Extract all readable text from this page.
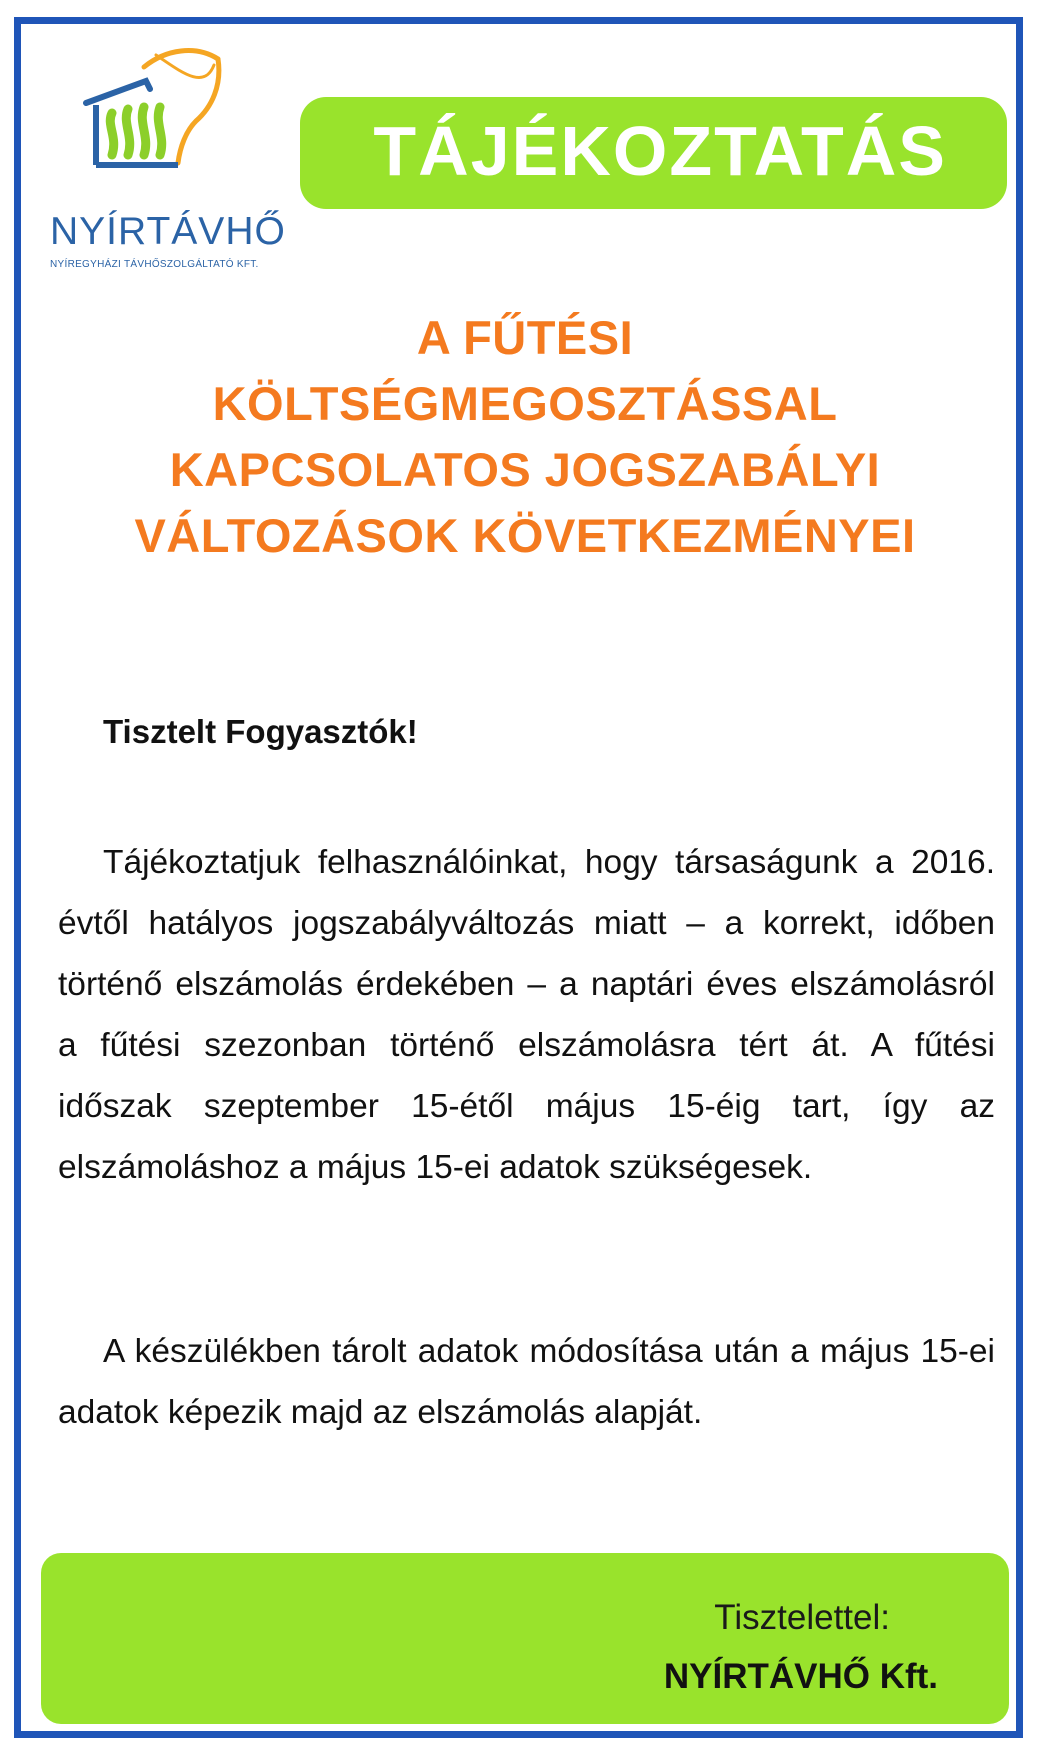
NYÍRTÁVHŐ
NYÍREGYHÁZI TÁVHŐSZOLGÁLTATÓ KFT.
TÁJÉKOZTATÁS
A FŰTÉSI
KÖLTSÉGMEGOSZTÁSSAL
KAPCSOLATOS JOGSZABÁLYI
VÁLTOZÁSOK KÖVETKEZMÉNYEI
Tisztelt Fogyasztók!
Tájékoztatjuk felhasználóinkat, hogy társaságunk a 2016. évtől hatályos jogszabályváltozás miatt – a korrekt, időben történő elszámolás érdekében – a naptári éves elszámolásról a fűtési szezonban történő elszámolásra tért át. A fűtési időszak szeptember 15-étől május 15-éig tart, így az elszámoláshoz a május 15-ei adatok szükségesek.
A készülékben tárolt adatok módosítása után a május 15-ei adatok képezik majd az elszámolás alapját.
Tisztelettel:
NYÍRTÁVHŐ Kft.
